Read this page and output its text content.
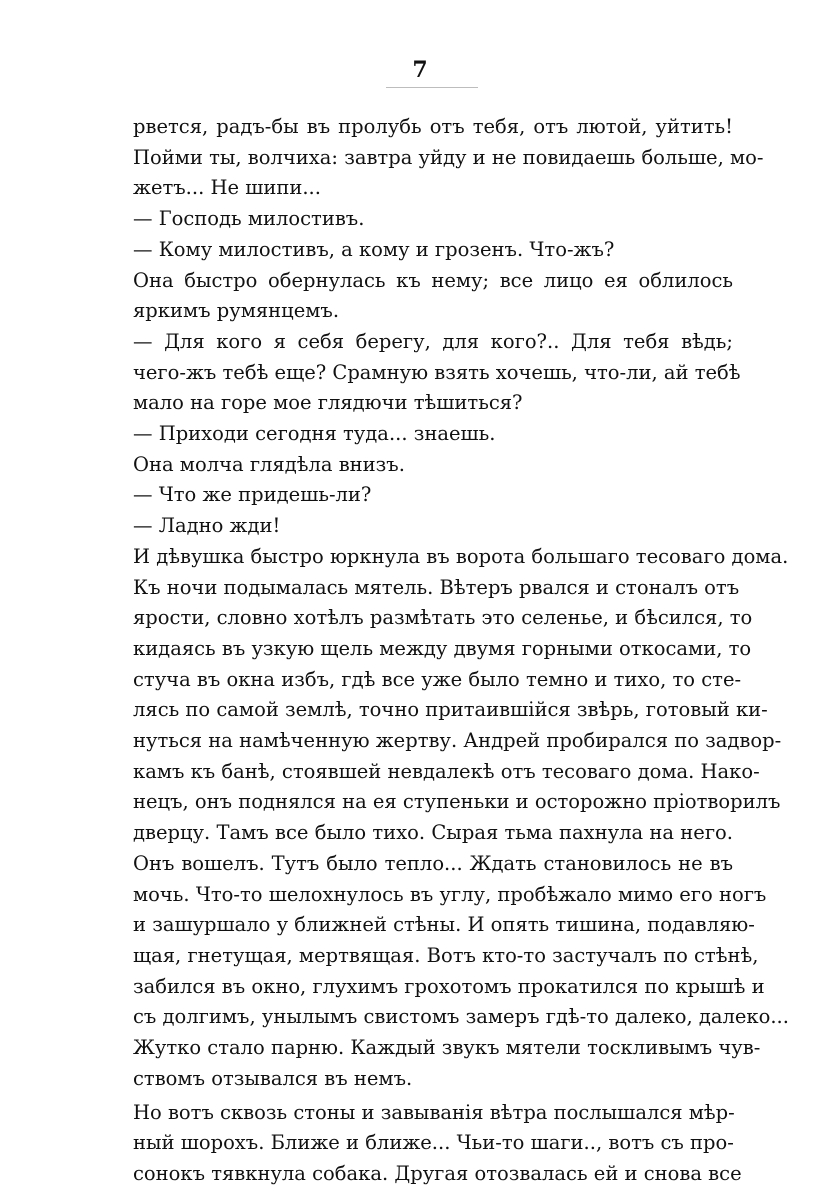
7
рвется, радъ-бы въ пролубь отъ тебя, отъ лютой, уйтить!
Пойми ты, волчиха: завтра уйду и не повидаешь больше, мо-
жетъ... Не шипи...
— Господь милостивъ.
— Кому милостивъ, а кому и грозенъ. Что-жъ?
Она быстро обернулась къ нему; все лицо ея облилось
яркимъ румянцемъ.
— Для кого я себя берегу, для кого?.. Для тебя вѣдь;
чего-жъ тебѣ еще? Срамную взять хочешь, что-ли, ай тебѣ
мало на горе мое глядючи тѣшиться?
— Приходи сегодня туда... знаешь.
Она молча глядѣла внизъ.
— Что же придешь-ли?
— Ладно жди!
И дѣвушка быстро юркнула въ ворота большаго тесоваго дома.
Къ ночи подымалась мятель. Вѣтеръ рвался и стоналъ отъ
ярости, словно хотѣлъ размѣтать это селенье, и бѣсился, то
кидаясь въ узкую щель между двумя горными откосами, то
стуча въ окна избъ, гдѣ все уже было темно и тихо, то сте-
лясь по самой землѣ, точно притаившiйся звѣрь, готовый ки-
нуться на намѣченную жертву. Андрей пробирался по задвор-
камъ къ банѣ, стоявшей невдалекѣ отъ тесоваго дома. Нако-
нецъ, онъ поднялся на ея ступеньки и осторожно прiотворилъ
дверцу. Тамъ все было тихо. Сырая тьма пахнула на него.
Онъ вошелъ. Тутъ было тепло... Ждать становилось не въ
мочь. Что-то шелохнулось въ углу, пробѣжало мимо его ногъ
и зашуршало у ближней стѣны. И опять тишина, подавляю-
щая, гнетущая, мертвящая. Вотъ кто-то застучалъ по стѣнѣ,
забился въ окно, глухимъ грохотомъ прокатился по крышѣ и
съ долгимъ, унылымъ свистомъ замеръ гдѣ-то далеко, далеко...
Жутко стало парню. Каждый звукъ мятели тоскливымъ чув-
ствомъ отзывался въ немъ.
Но вотъ сквозь стоны и завыванiя вѣтра послышался мѣр-
ный шорохъ. Ближе и ближе... Чьи-то шаги.., вотъ съ про-
сонокъ тявкнула собака. Другая отозвалась ей и снова все
